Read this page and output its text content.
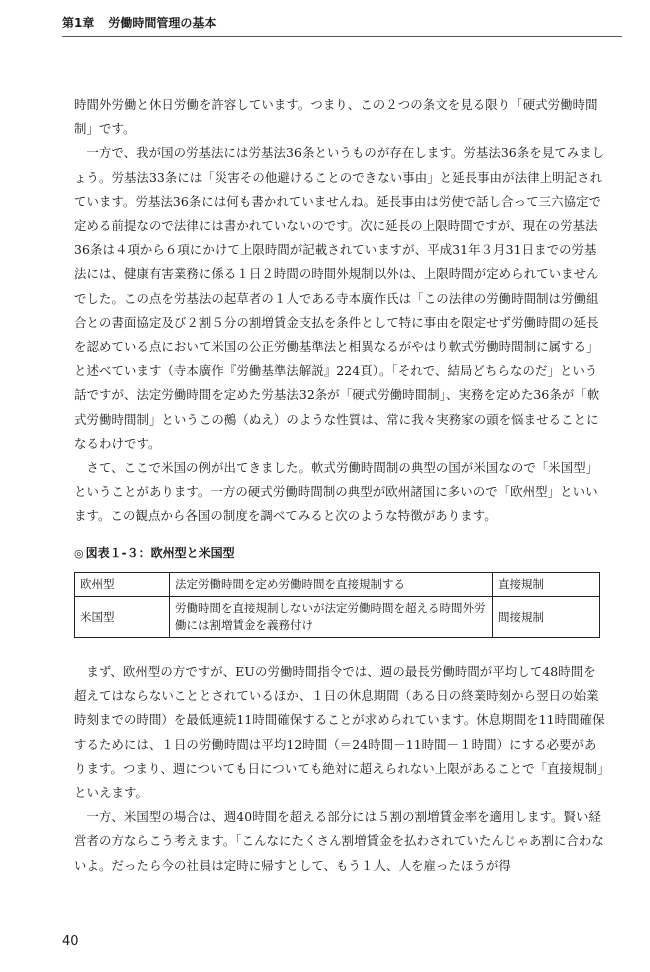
第1章 労働時間管理の基本

時間外労働と休日労働を許容しています。つまり、この２つの条文を見る限り「硬式労働時間制」です。

一方で、我が国の労基法には労基法36条というものが存在します。労基法36条を見てみましょう。労基法33条には「災害その他避けることのできない事由」と延長事由が法律上明記されています。労基法36条には何も書かれていませんね。延長事由は労使で話し合って三六協定で定める前提なので法律には書かれていないのです。次に延長の上限時間ですが、現在の労基法36条は４項から６項にかけて上限時間が記載されていますが、平成31年３月31日までの労基法には、健康有害業務に係る１日２時間の時間外規制以外は、上限時間が定められていませんでした。この点を労基法の起草者の１人である寺本廣作氏は「この法律の労働時間制は労働組合との書面協定及び２割５分の割増賃金支払を条件として特に事由を限定せず労働時間の延長を認めている点において米国の公正労働基準法と相異なるがやはり軟式労働時間制に属する」と述べています（寺本廣作『労働基準法解説』224頁）。「それで、結局どちらなのだ」という話ですが、法定労働時間を定めた労基法32条が「硬式労働時間制」、実務を定めた36条が「軟式労働時間制」というこの鵺（ぬえ）のような性質は、常に我々実務家の頭を悩ませることになるわけです。

さて、ここで米国の例が出てきました。軟式労働時間制の典型の国が米国なので「米国型」ということがあります。一方の硬式労働時間制の典型が欧州諸国に多いので「欧州型」といいます。この観点から各国の制度を調べてみると次のような特徴があります。

◎ 図表１-３：欧州型と米国型
欧州型	法定労働時間を定め労働時間を直接規制する	直接規制
米国型	労働時間を直接規制しないが法定労働時間を超える時間外労働には割増賃金を義務付け	間接規制

まず、欧州型の方ですが、EUの労働時間指令では、週の最長労働時間が平均して48時間を超えてはならないこととされているほか、１日の休息期間（ある日の終業時刻から翌日の始業時刻までの時間）を最低連続11時間確保することが求められています。休息期間を11時間確保するためには、１日の労働時間は平均12時間（＝24時間－11時間－１時間）にする必要があります。つまり、週についても日についても絶対に超えられない上限があることで「直接規制」といえます。

一方、米国型の場合は、週40時間を超える部分には５割の割増賃金率を適用します。賢い経営者の方ならこう考えます。「こんなにたくさん割増賃金を払わされていたんじゃあ割に合わないよ。だったら今の社員は定時に帰すとして、もう１人、人を雇ったほうが得

40
